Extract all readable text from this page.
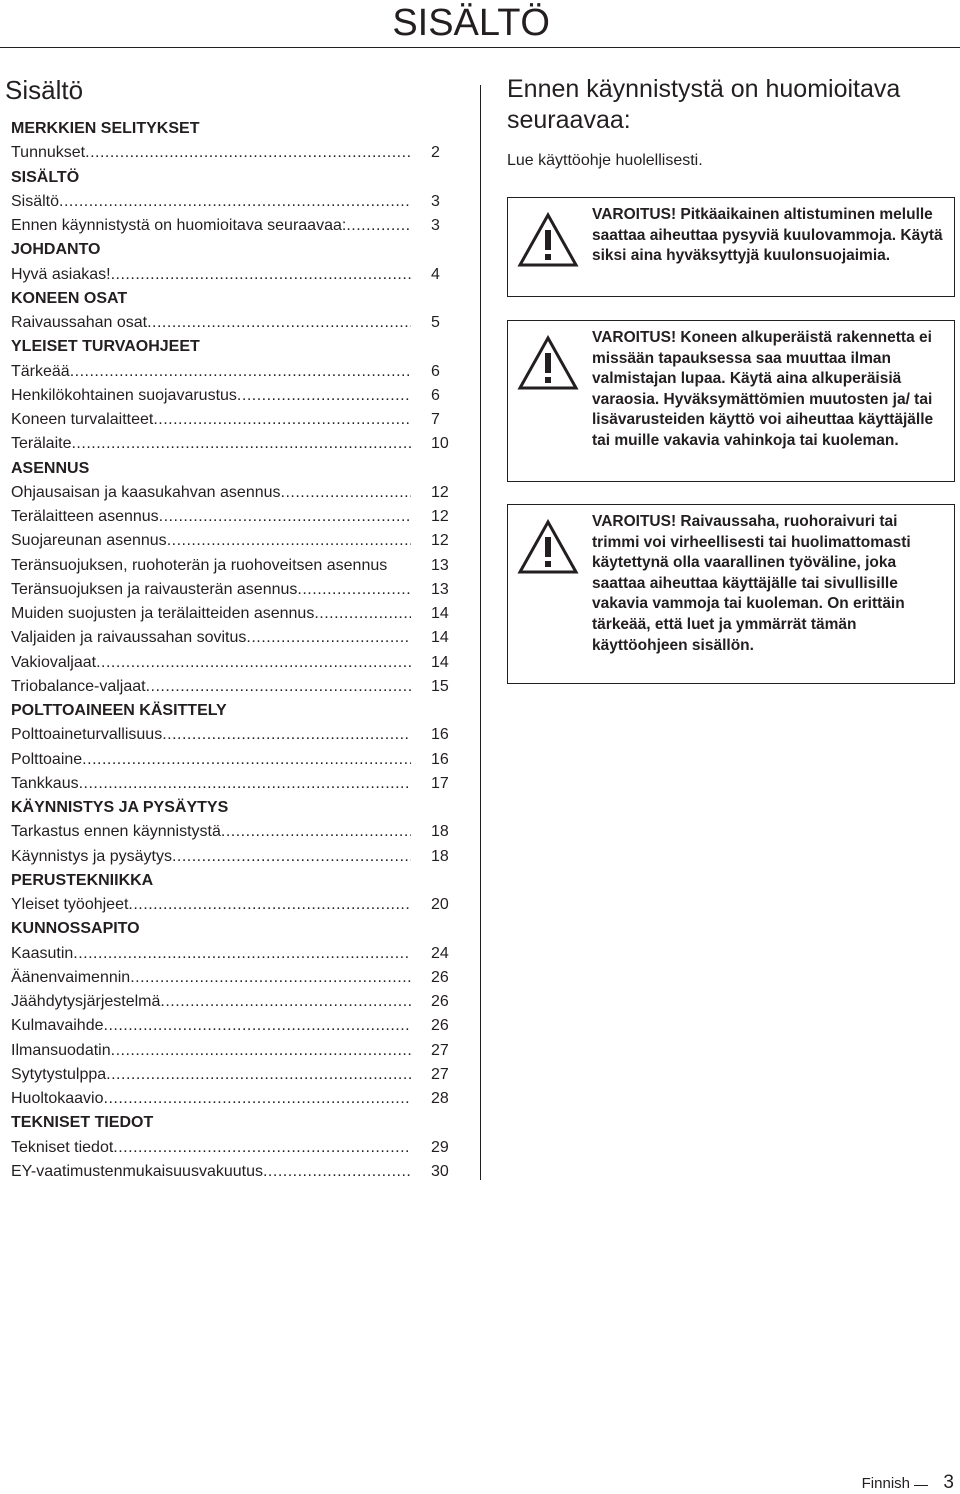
SISÄLTÖ
Sisältö
MERKKIEN SELITYKSET
Tunnukset .....	2
SISÄLTÖ
Sisältö .....	3
Ennen käynnistystä on huomioitava seuraavaa: .....	3
JOHDANTO
Hyvä asiakas! .....	4
KONEEN OSAT
Raivaussahan osat .....	5
YLEISET TURVAOHJEET
Tärkeää .....	6
Henkilökohtainen suojavarustus .....	6
Koneen turvalaitteet .....	7
Terälaite .....	10
ASENNUS
Ohjausaisan ja kaasukahvan asennus .....	12
Terälaitteen asennus .....	12
Suojareunan asennus .....	12
Teränsuojuksen, ruohoterän ja ruohoveitsen asennus	13
Teränsuojuksen ja raivausterän asennus .....	13
Muiden suojusten ja terälaitteiden asennus .....	14
Valjaiden ja raivaussahan sovitus .....	14
Vakiovaljaat .....	14
Triobalance-valjaat .....	15
POLTTOAINEEN KÄSITTELY
Polttoaineturvallisuus .....	16
Polttoaine .....	16
Tankkaus .....	17
KÄYNNISTYS JA PYSÄYTYS
Tarkastus ennen käynnistystä .....	18
Käynnistys ja pysäytys .....	18
PERUSTEKNIIKKA
Yleiset työohjeet .....	20
KUNNOSSAPITO
Kaasutin .....	24
Äänenvaimennin .....	26
Jäähdytysjärjestelmä .....	26
Kulmavaihde .....	26
Ilmansuodatin .....	27
Sytytystulppa .....	27
Huoltokaavio .....	28
TEKNISET TIEDOT
Tekniset tiedot .....	29
EY-vaatimustenmukaisuusvakuutus .....	30
Ennen käynnistystä on huomioitava seuraavaa:

Lue käyttöohje huolellisesti.

VAROITUS! Pitkäaikainen altistuminen melulle saattaa aiheuttaa pysyviä kuulovammoja. Käytä siksi aina hyväksyttyjä kuulonsuojaimia.
VAROITUS! Koneen alkuperäistä rakennetta ei missään tapauksessa saa muuttaa ilman valmistajan lupaa. Käytä aina alkuperäisiä varaosia. Hyväksymättömien muutosten ja/ tai lisävarusteiden käyttö voi aiheuttaa käyttäjälle tai muille vakavia vahinkoja tai kuoleman.
VAROITUS! Raivaussaha, ruohoraivuri tai trimmi voi virheellisesti tai huolimattomasti käytettynä olla vaarallinen työväline, joka saattaa aiheuttaa käyttäjälle tai sivullisille vakavia vammoja tai kuoleman. On erittäin tärkeää, että luet ja ymmärrät tämän käyttöohjeen sisällön.
Finnish 3
